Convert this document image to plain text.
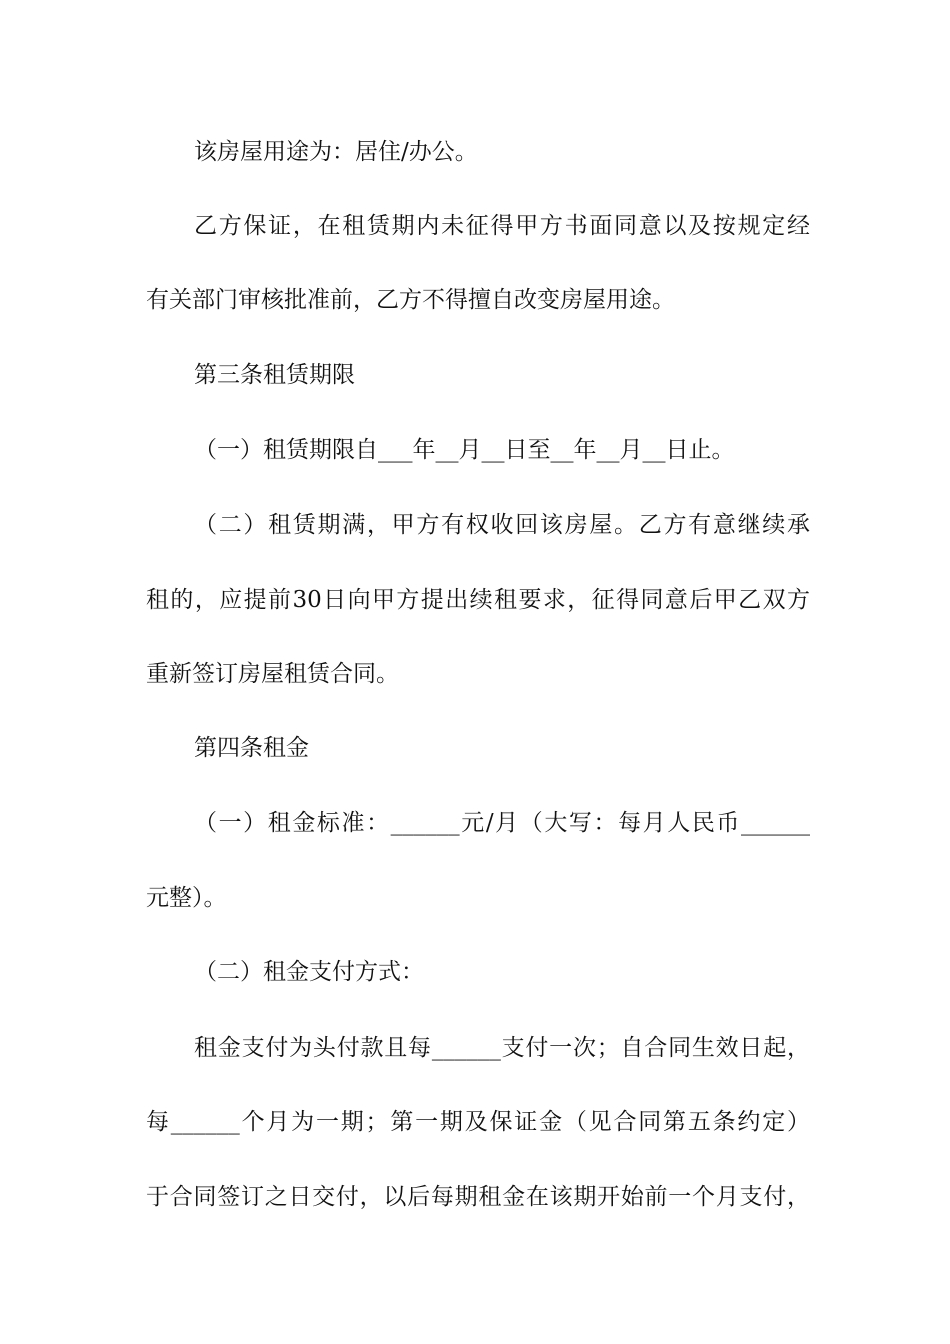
该房屋用途为：居住/办公。
乙方保证，在租赁期内未征得甲方书面同意以及按规定经
有关部门审核批准前，乙方不得擅自改变房屋用途。
第三条租赁期限
（一）租赁期限自___年__月__日至__年__月__日止。
（二）租赁期满，甲方有权收回该房屋。乙方有意继续承
租的，应提前30日向甲方提出续租要求，征得同意后甲乙双方
重新签订房屋租赁合同。
第四条租金
（一）租金标准：______元/月（大写：每月人民币______
元整）。
（二）租金支付方式：
租金支付为头付款且每______支付一次；自合同生效日起，
每______个月为一期；第一期及保证金（见合同第五条约定）
于合同签订之日交付，以后每期租金在该期开始前一个月支付，
